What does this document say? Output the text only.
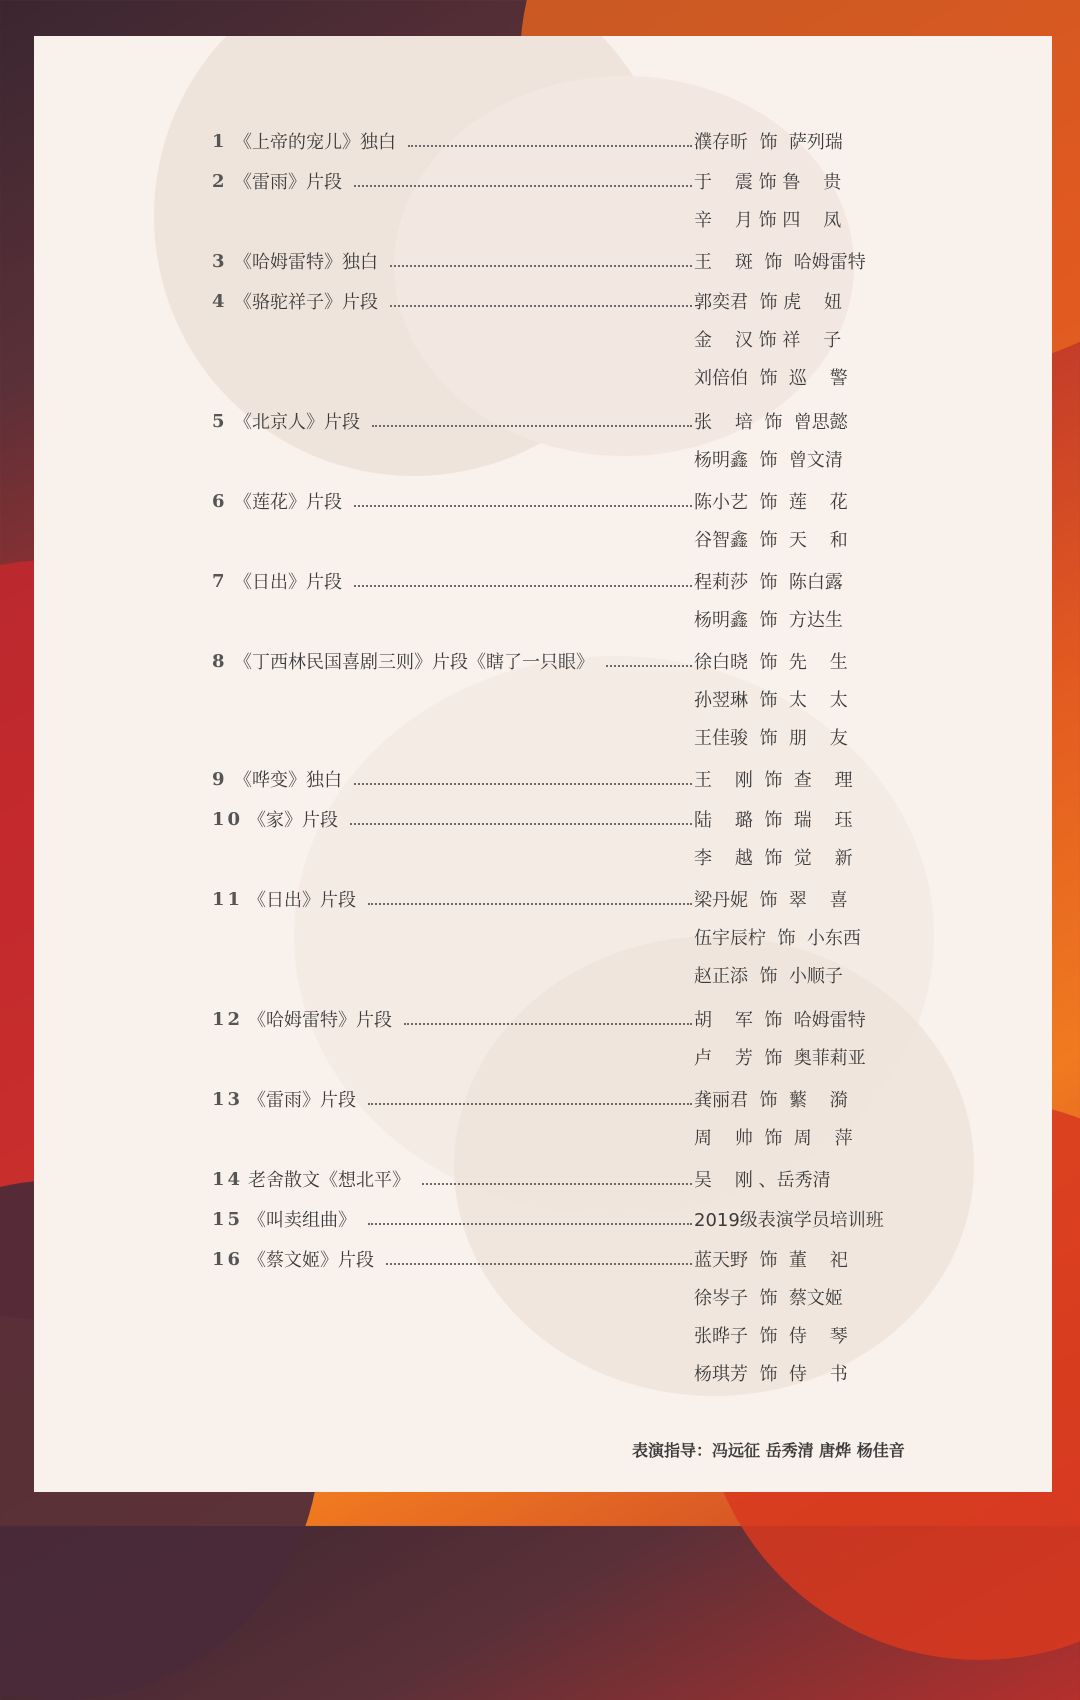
1 《上帝的宠儿》独白	濮存昕  饰  萨列瑞
2 《雷雨》片段	于    震 饰 鲁    贵
辛    月 饰 四    凤
3 《哈姆雷特》独白	王    斑  饰  哈姆雷特
4 《骆驼祥子》片段	郭奕君  饰 虎    妞
金    汉 饰 祥    子
刘倍伯  饰  巡    警
5 《北京人》片段	张    培  饰  曾思懿
杨明鑫  饰  曾文清
6 《莲花》片段	陈小艺  饰  莲    花
谷智鑫  饰  天    和
7 《日出》片段	程莉莎  饰  陈白露
杨明鑫  饰  方达生
8 《丁西林民国喜剧三则》片段《瞎了一只眼》	徐白晓  饰  先    生
孙翌琳  饰  太    太
王佳骏  饰  朋    友
9 《哗变》独白	王    刚  饰  查    理
10 《家》片段	陆    璐  饰  瑞    珏
李    越  饰  觉    新
11 《日出》片段	梁丹妮  饰  翠    喜
伍宇辰柠  饰  小东西
赵正添  饰  小顺子
12 《哈姆雷特》片段	胡    军  饰  哈姆雷特
卢    芳  饰  奥菲莉亚
13 《雷雨》片段	龚丽君  饰  蘩    漪
周    帅  饰  周    萍
14 老舍散文《想北平》	吴    刚 、岳秀清
15 《叫卖组曲》	2019级表演学员培训班
16 《蔡文姬》片段	蓝天野  饰  董    祀
徐岑子  饰  蔡文姬
张晔子  饰  侍    琴
杨琪芳  饰  侍    书
表演指导：冯远征 岳秀清 唐烨 杨佳音
